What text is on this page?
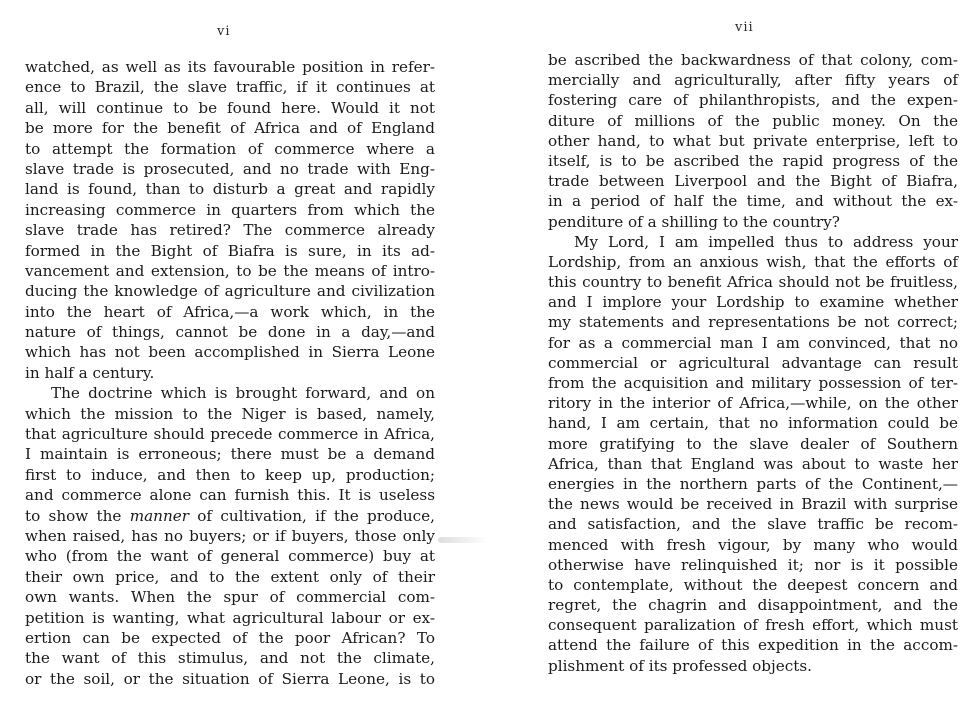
vi
watched, as well as its favourable position in refer-
ence to Brazil, the slave traffic, if it continues at
all, will continue to be found here. Would it not
be more for the benefit of Africa and of England
to attempt the formation of commerce where a
slave trade is prosecuted, and no trade with Eng-
land is found, than to disturb a great and rapidly
increasing commerce in quarters from which the
slave trade has retired? The commerce already
formed in the Bight of Biafra is sure, in its ad-
vancement and extension, to be the means of intro-
ducing the knowledge of agriculture and civilization
into the heart of Africa,—a work which, in the
nature of things, cannot be done in a day,—and
which has not been accomplished in Sierra Leone
in half a century.
The doctrine which is brought forward, and on
which the mission to the Niger is based, namely,
that agriculture should precede commerce in Africa,
I maintain is erroneous; there must be a demand
first to induce, and then to keep up, production;
and commerce alone can furnish this. It is useless
to show the manner of cultivation, if the produce,
when raised, has no buyers; or if buyers, those only
who (from the want of general commerce) buy at
their own price, and to the extent only of their
own wants. When the spur of commercial com-
petition is wanting, what agricultural labour or ex-
ertion can be expected of the poor African? To
the want of this stimulus, and not the climate,
or the soil, or the situation of Sierra Leone, is to
vii
be ascribed the backwardness of that colony, com-
mercially and agriculturally, after fifty years of
fostering care of philanthropists, and the expen-
diture of millions of the public money. On the
other hand, to what but private enterprise, left to
itself, is to be ascribed the rapid progress of the
trade between Liverpool and the Bight of Biafra,
in a period of half the time, and without the ex-
penditure of a shilling to the country?
My Lord, I am impelled thus to address your
Lordship, from an anxious wish, that the efforts of
this country to benefit Africa should not be fruitless,
and I implore your Lordship to examine whether
my statements and representations be not correct;
for as a commercial man I am convinced, that no
commercial or agricultural advantage can result
from the acquisition and military possession of ter-
ritory in the interior of Africa,—while, on the other
hand, I am certain, that no information could be
more gratifying to the slave dealer of Southern
Africa, than that England was about to waste her
energies in the northern parts of the Continent,—
the news would be received in Brazil with surprise
and satisfaction, and the slave traffic be recom-
menced with fresh vigour, by many who would
otherwise have relinquished it; nor is it possible
to contemplate, without the deepest concern and
regret, the chagrin and disappointment, and the
consequent paralization of fresh effort, which must
attend the failure of this expedition in the accom-
plishment of its professed objects.
